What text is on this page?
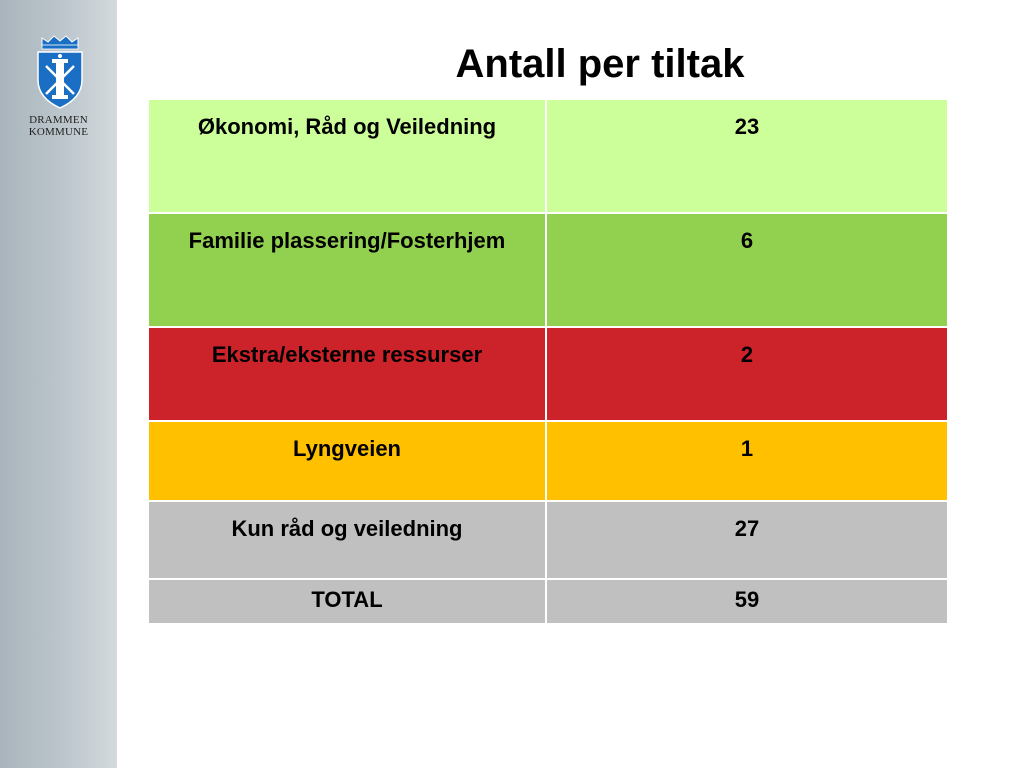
DRAMMEN
KOMMUNE
Antall per tiltak
Økonomi, Råd og Veiledning	23
Familie plassering/Fosterhjem	6
Ekstra/eksterne ressurser	2
Lyngveien	1
Kun råd og veiledning	27
TOTAL	59
